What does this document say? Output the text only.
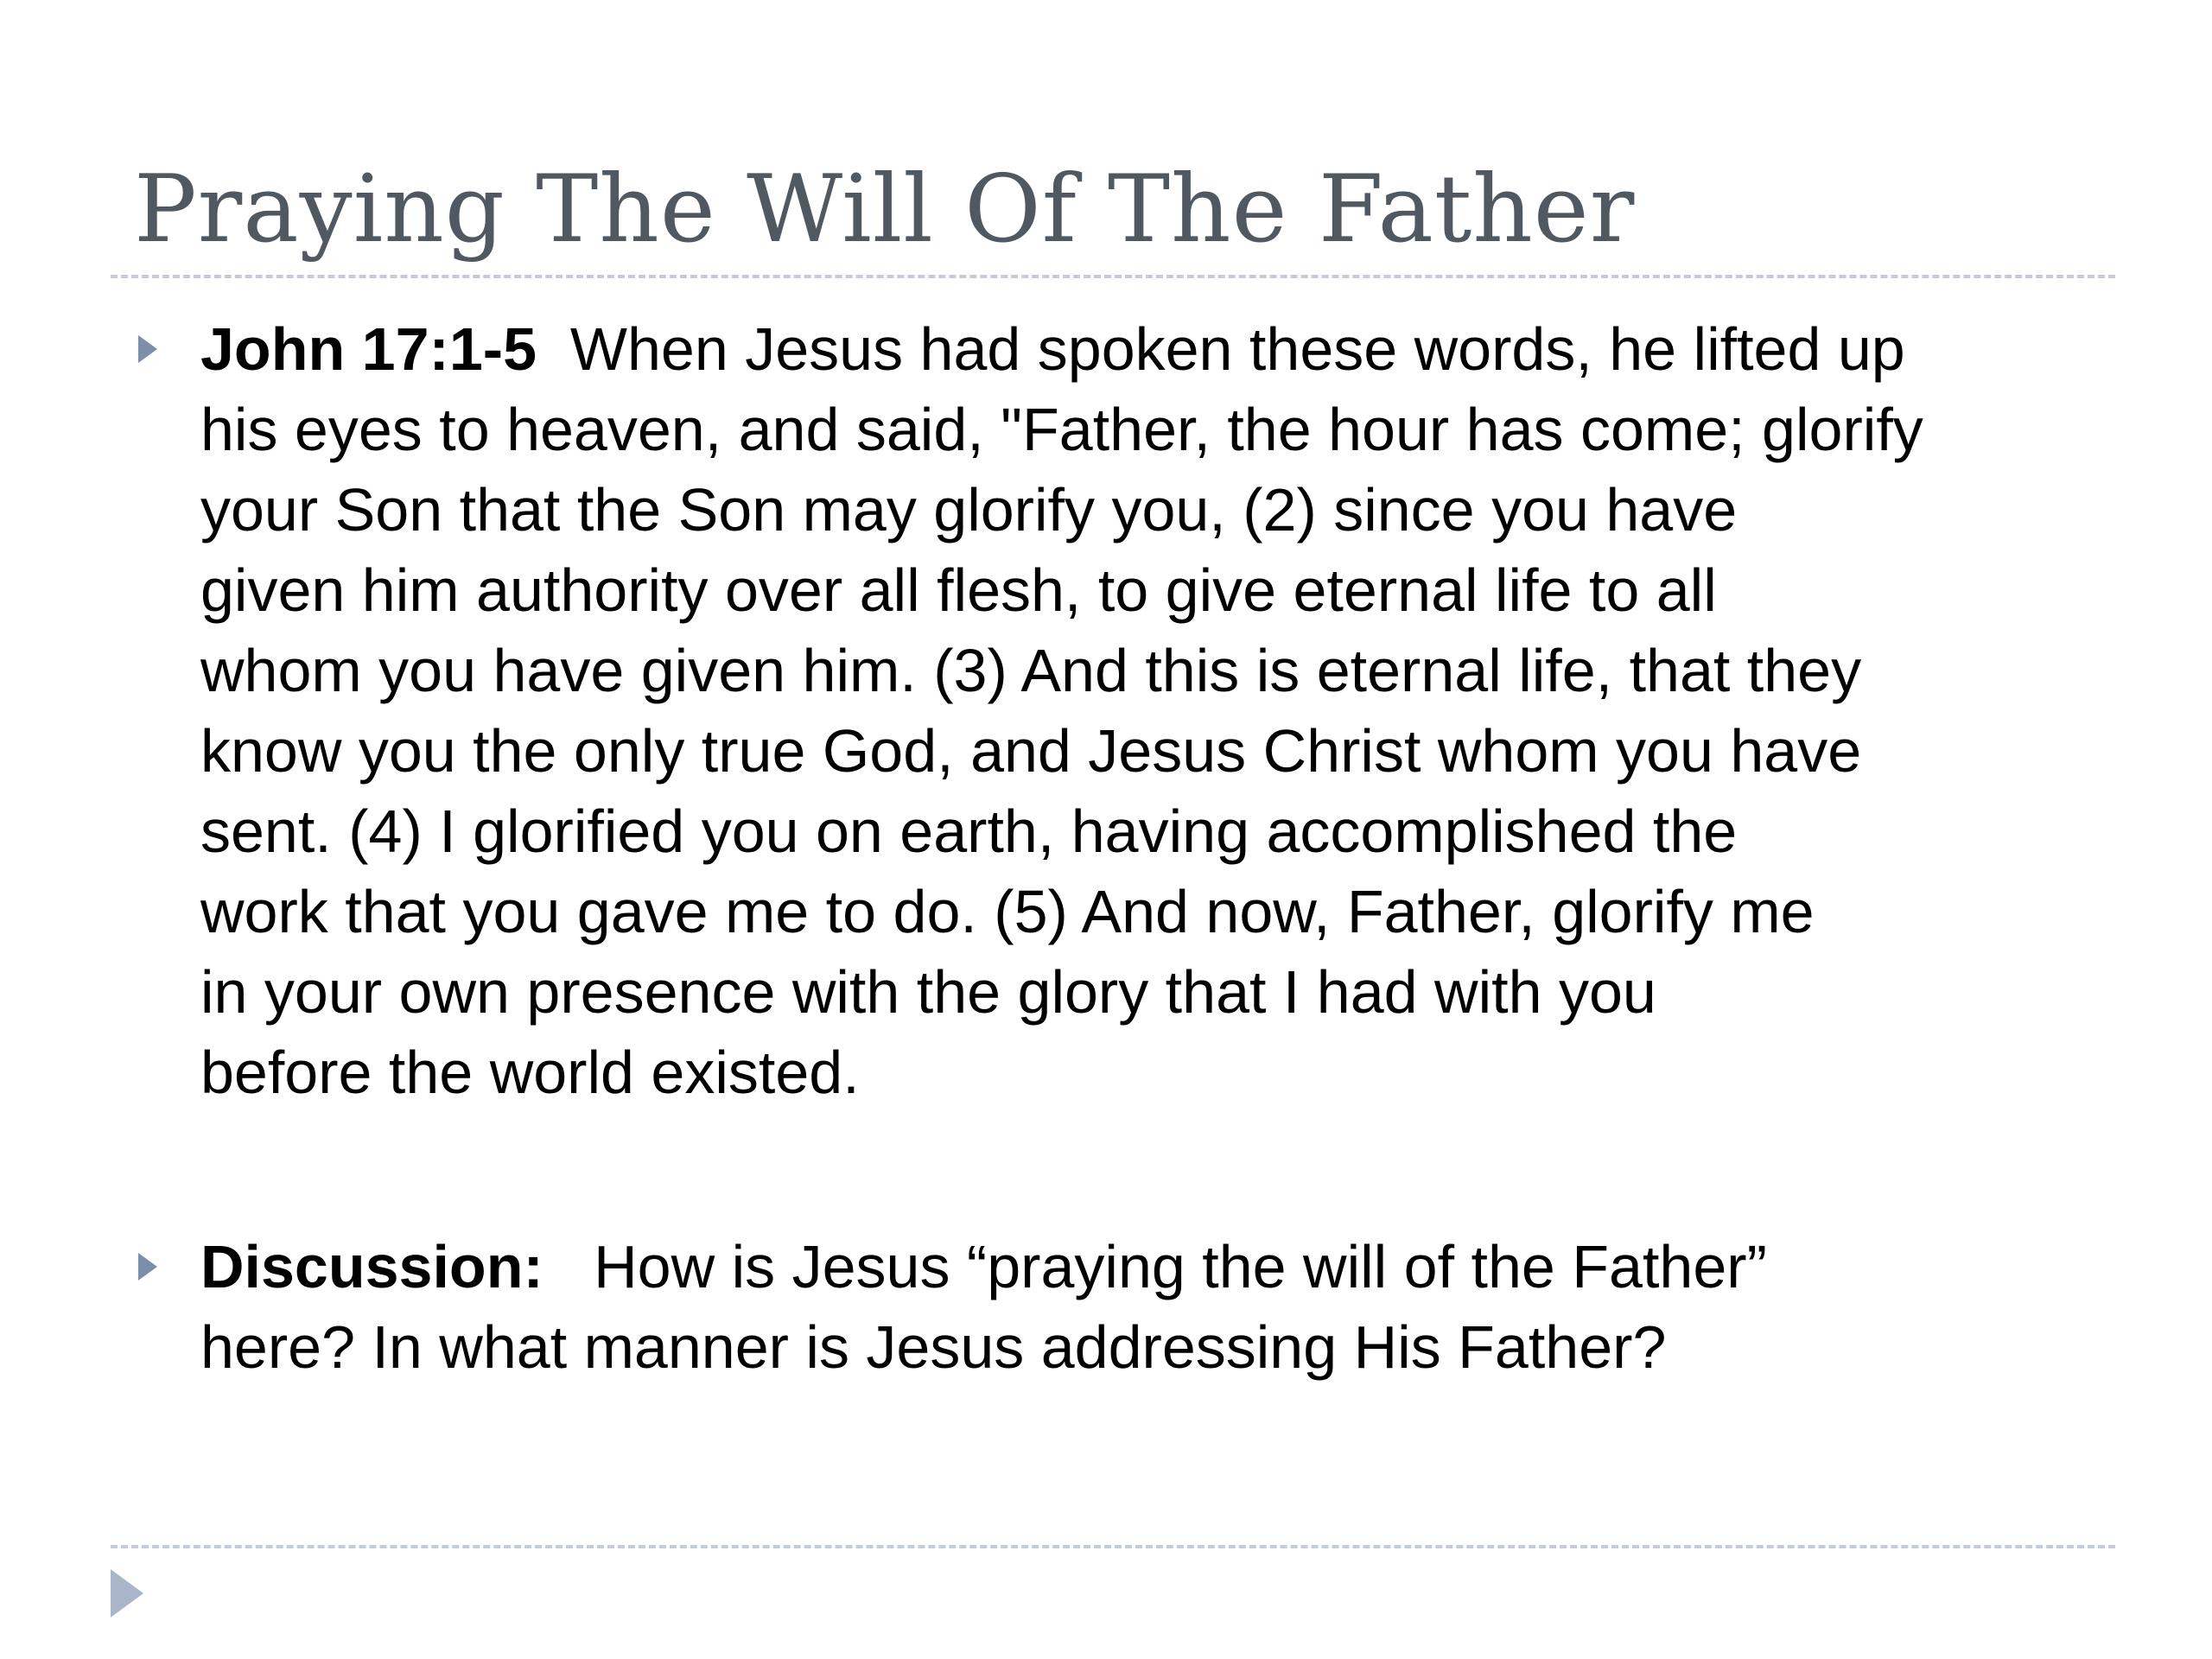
Praying The Will Of The Father
John 17:1-5 When Jesus had spoken these words, he lifted up
his eyes to heaven, and said, "Father, the hour has come; glorify
your Son that the Son may glorify you, (2) since you have
given him authority over all flesh, to give eternal life to all
whom you have given him. (3) And this is eternal life, that they
know you the only true God, and Jesus Christ whom you have
sent. (4) I glorified you on earth, having accomplished the
work that you gave me to do. (5) And now, Father, glorify me
in your own presence with the glory that I had with you
before the world existed.
Discussion: How is Jesus “praying the will of the Father”
here? In what manner is Jesus addressing His Father?
